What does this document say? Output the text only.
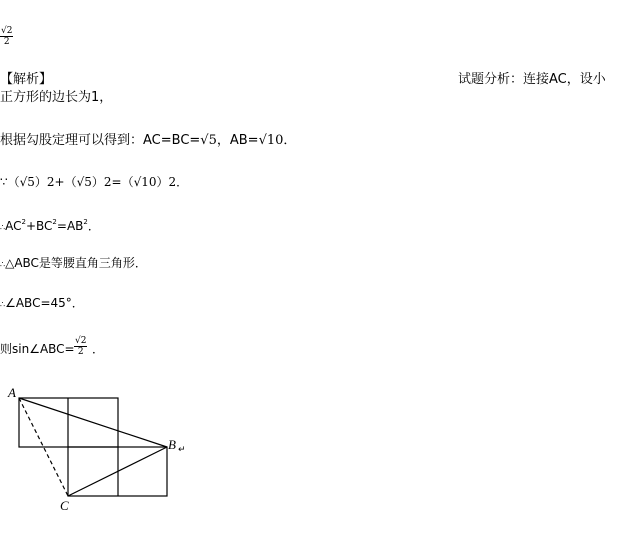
$\frac{√2}{2}$
【解析】	试题分析：连接AC，设小
正方形的边长为1，
根据勾股定理可以得到：AC=BC=√5，AB=√10．
∵（√5）2+（√5）2=（√10）2．
$\therefore AC^2+BC^2=AB^2$．
∴△ABC是等腰直角三角形．
∴∠ABC=45°．
则sin∠ABC= $\frac{√2}{2}$ ．
A
B ↵
C
